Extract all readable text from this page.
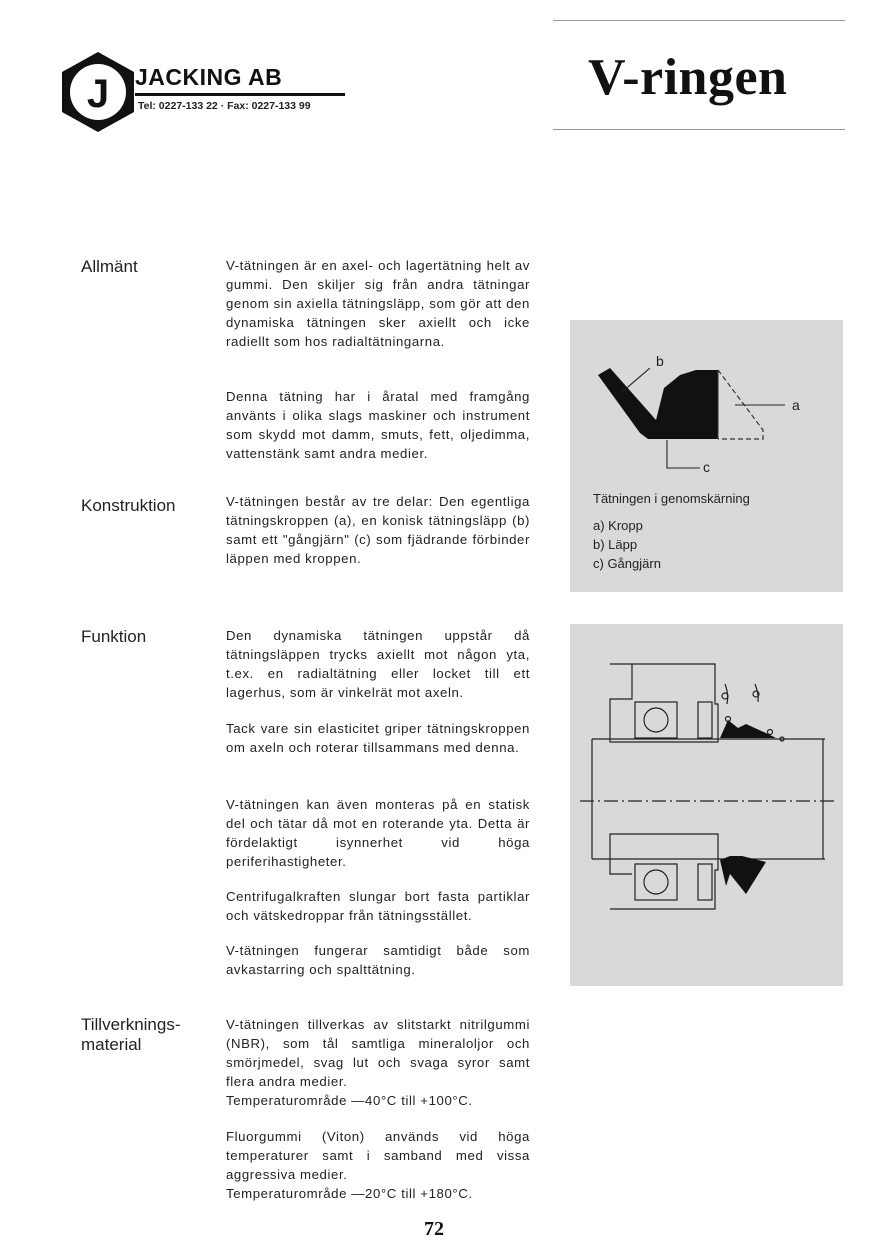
J JACKING AB
Tel: 0227-133 22 · Fax: 0227-133 99	V-ringen
Allmänt	V-tätningen är en axel- och lagertätning helt av gummi. Den skiljer sig från andra tätningar genom sin axiella tätningsläpp, som gör att den dynamiska tätningen sker axiellt och icke radiellt som hos radialtätningarna.
Denna tätning har i åratal med framgång använts i olika slags maskiner och instrument som skydd mot damm, smuts, fett, oljedimma, vattenstänk samt andra medier.
Konstruktion	V-tätningen består av tre delar: Den egentliga tätningskroppen (a), en konisk tätningsläpp (b) samt ett "gångjärn" (c) som fjädrande förbinder läppen med kroppen.
b
a
c
Tätningen i genomskärning
a) Kropp
b) Läpp
c) Gångjärn
Funktion	Den dynamiska tätningen uppstår då tätningsläppen trycks axiellt mot någon yta, t.ex. en radialtätning eller locket till ett lagerhus, som är vinkelrät mot axeln.
Tack vare sin elasticitet griper tätningskroppen om axeln och roterar tillsammans med denna.
V-tätningen kan även monteras på en statisk del och tätar då mot en roterande yta. Detta är fördelaktigt isynnerhet vid höga periferihastigheter.
Centrifugalkraften slungar bort fasta partiklar och vätskedroppar från tätningsstället.
V-tätningen fungerar samtidigt både som avkastarring och spalttätning.
Tillverknings-
material
V-tätningen tillverkas av slitstarkt nitrilgummi (NBR), som tål samtliga mineraloljor och smörjmedel, svag lut och svaga syror samt flera andra medier.
Temperaturområde —40°C till +100°C.
Fluorgummi (Viton) används vid höga temperaturer samt i samband med vissa aggressiva medier.
Temperaturområde —20°C till +180°C.
72
